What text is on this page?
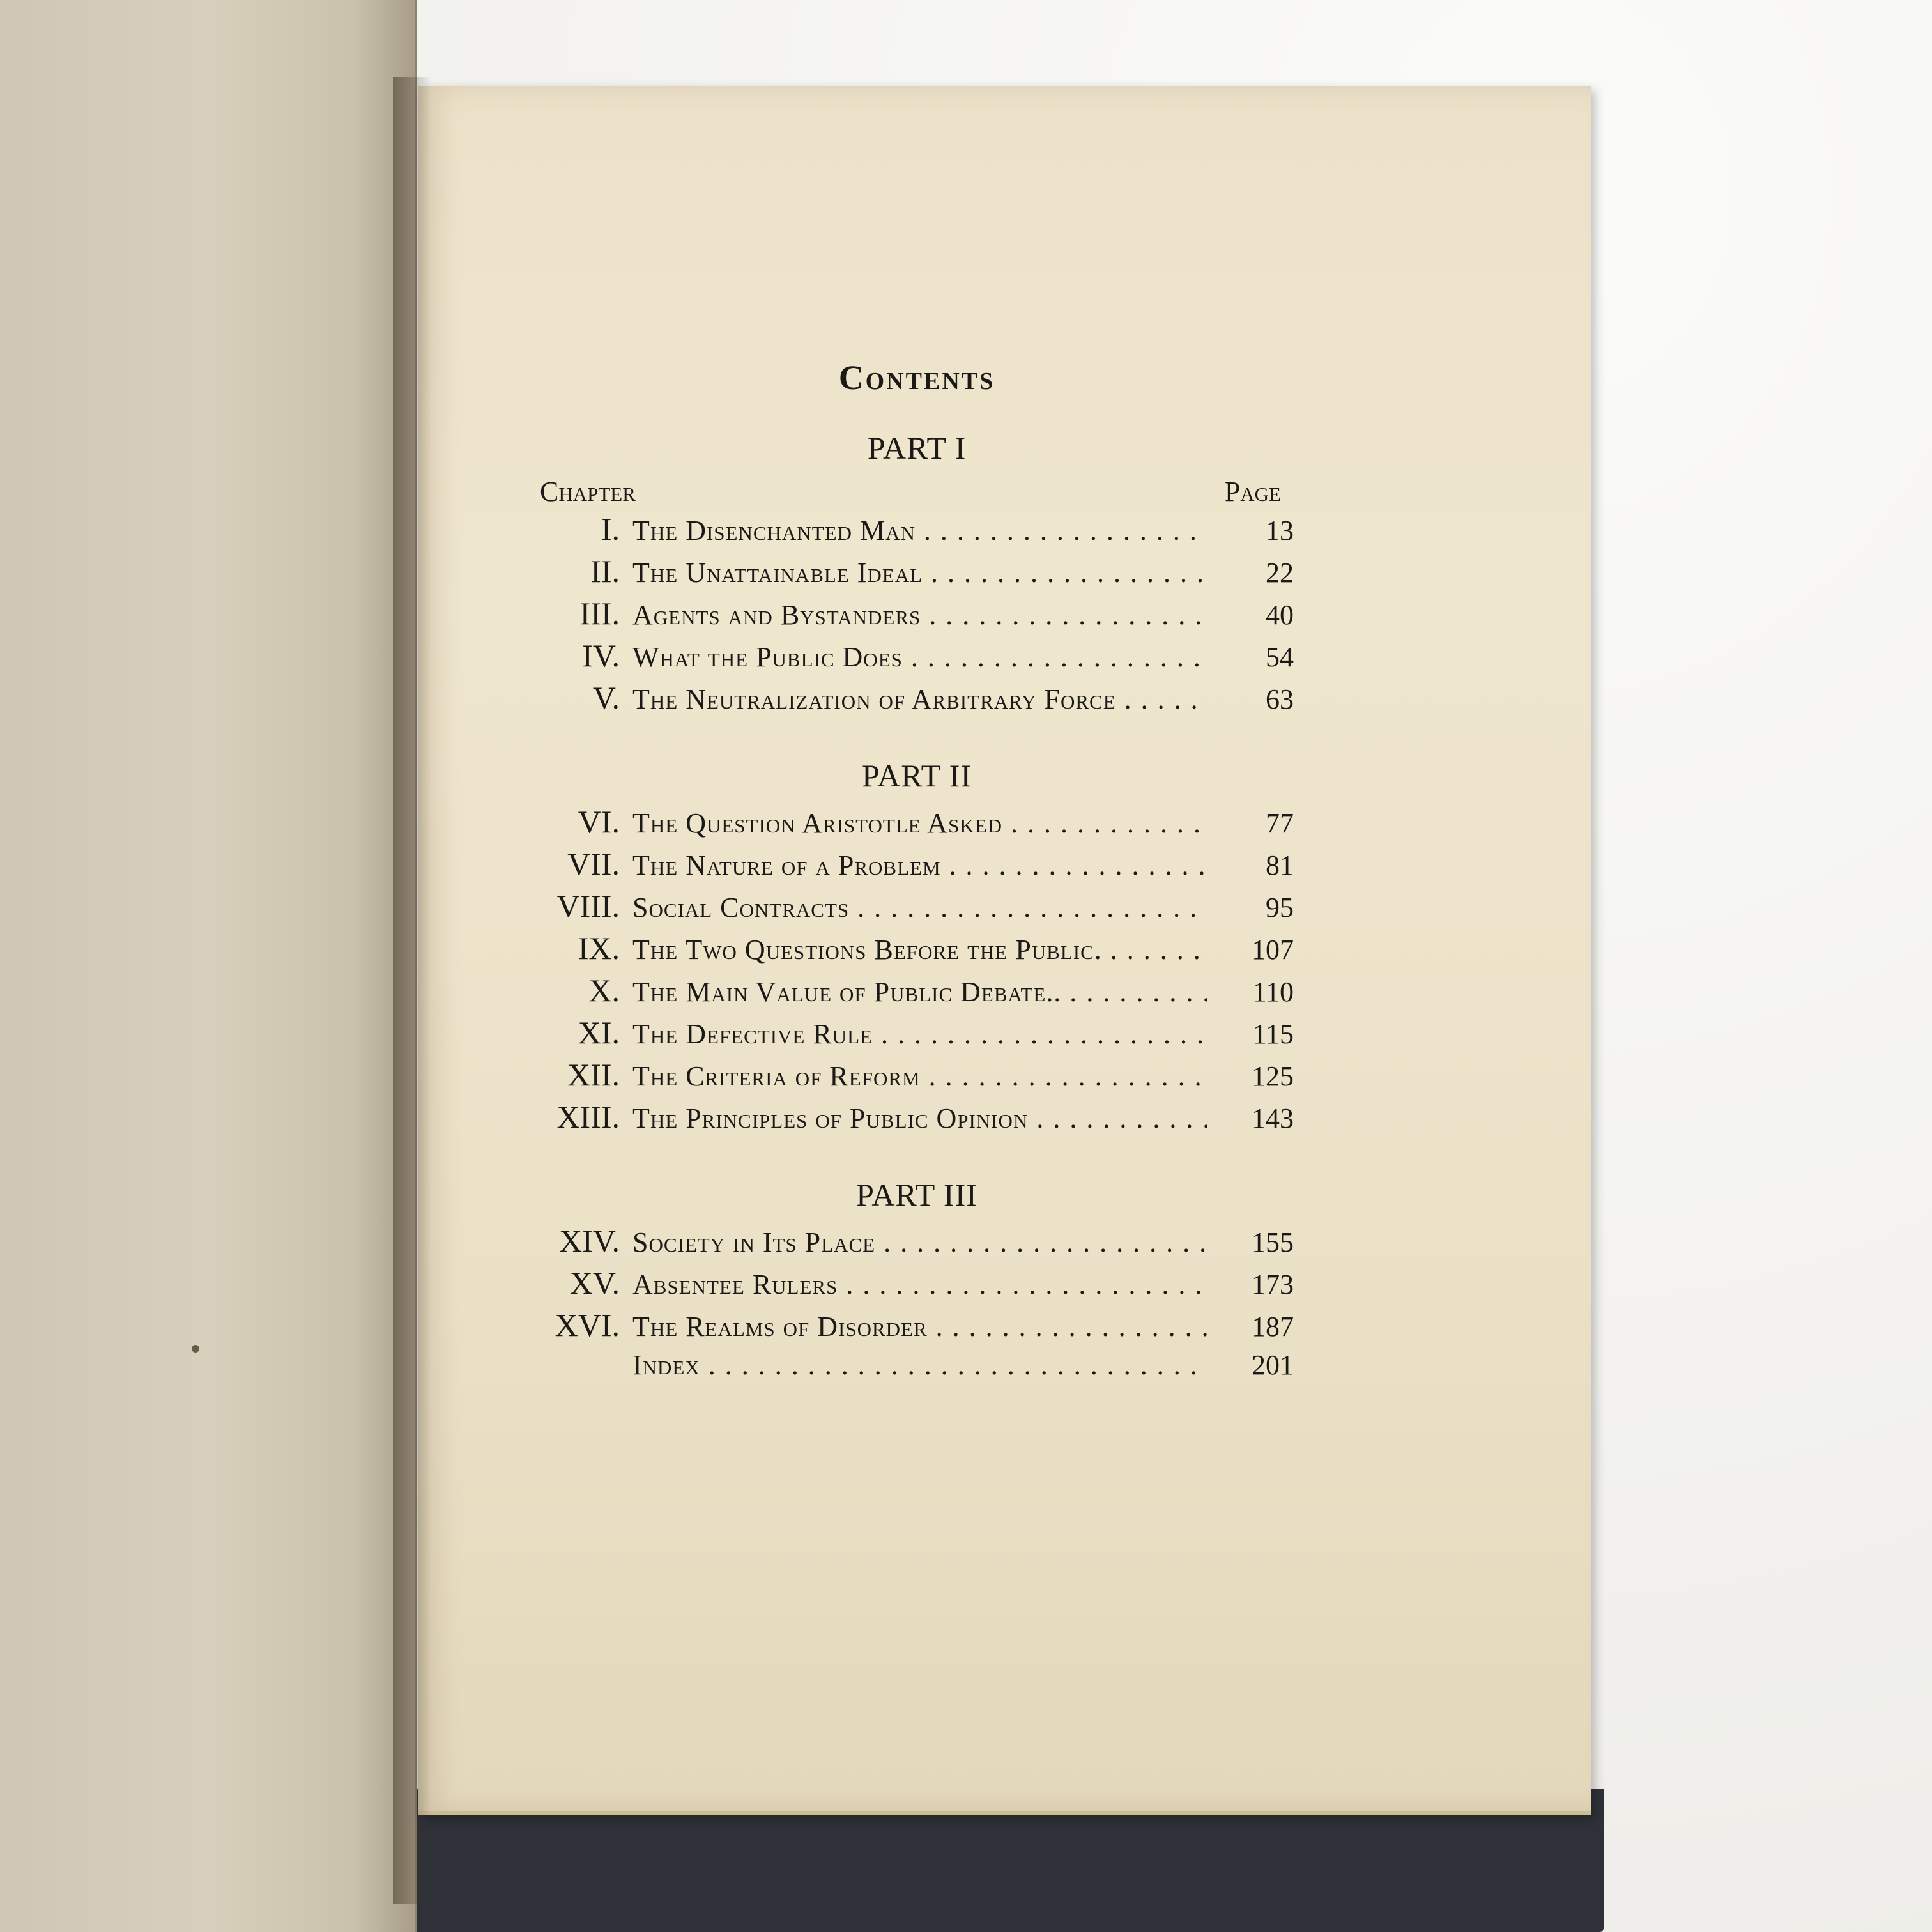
Contents
PART I
Chapter	Page
I. The Disenchanted Man . . .	13
II. The Unattainable Ideal . . .	22
III. Agents and Bystanders . . .	40
IV. What the Public Does . . .	54
V. The Neutralization of Arbitrary Force . . .	63
PART II
VI. The Question Aristotle Asked . . .	77
VII. The Nature of a Problem . . .	81
VIII. Social Contracts . . .	95
IX. The Two Questions Before the Public. . . .	107
X. The Main Value of Public Debate.. . . .	110
XI. The Defective Rule . . .	115
XII. The Criteria of Reform . . .	125
XIII. The Principles of Public Opinion . . .	143
PART III
XIV. Society in Its Place . . .	155
XV. Absentee Rulers . . .	173
XVI. The Realms of Disorder . . .	187
Index . . .	201
